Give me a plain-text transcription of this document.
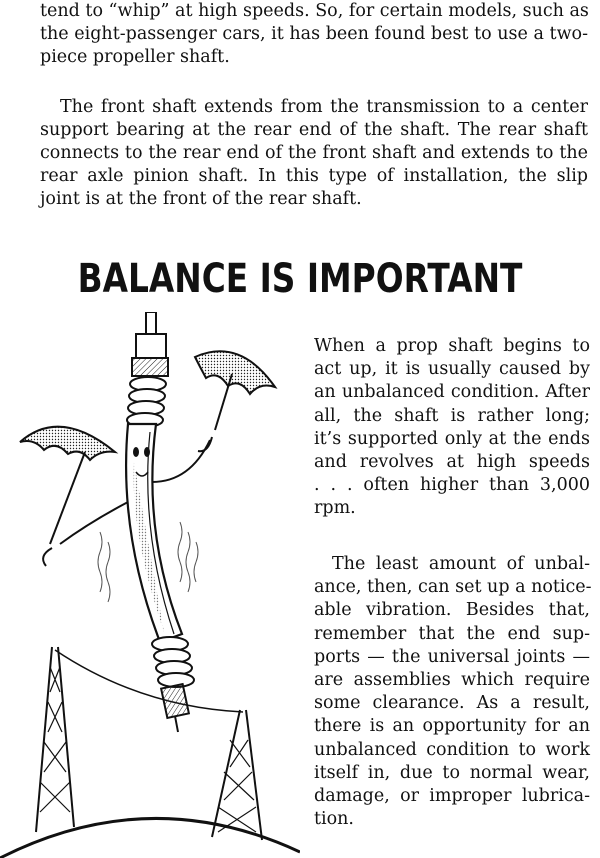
tend to “whip” at high speeds. So, for certain models, such as
the eight-passenger cars, it has been found best to use a two-
piece propeller shaft.
The front shaft extends from the transmission to a center
support bearing at the rear end of the shaft. The rear shaft
connects to the rear end of the front shaft and extends to the
rear axle pinion shaft. In this type of installation, the slip
joint is at the front of the rear shaft.
BALANCE IS IMPORTANT
When a prop shaft begins to
act up, it is usually caused by
an unbalanced condition. After
all, the shaft is rather long;
it’s supported only at the ends
and revolves at high speeds
. . . often higher than 3,000
rpm.
The least amount of unbal-
ance, then, can set up a notice-
able vibration. Besides that,
remember that the end sup-
ports — the universal joints —
are assemblies which require
some clearance. As a result,
there is an opportunity for an
unbalanced condition to work
itself in, due to normal wear,
damage, or improper lubrica-
tion.
